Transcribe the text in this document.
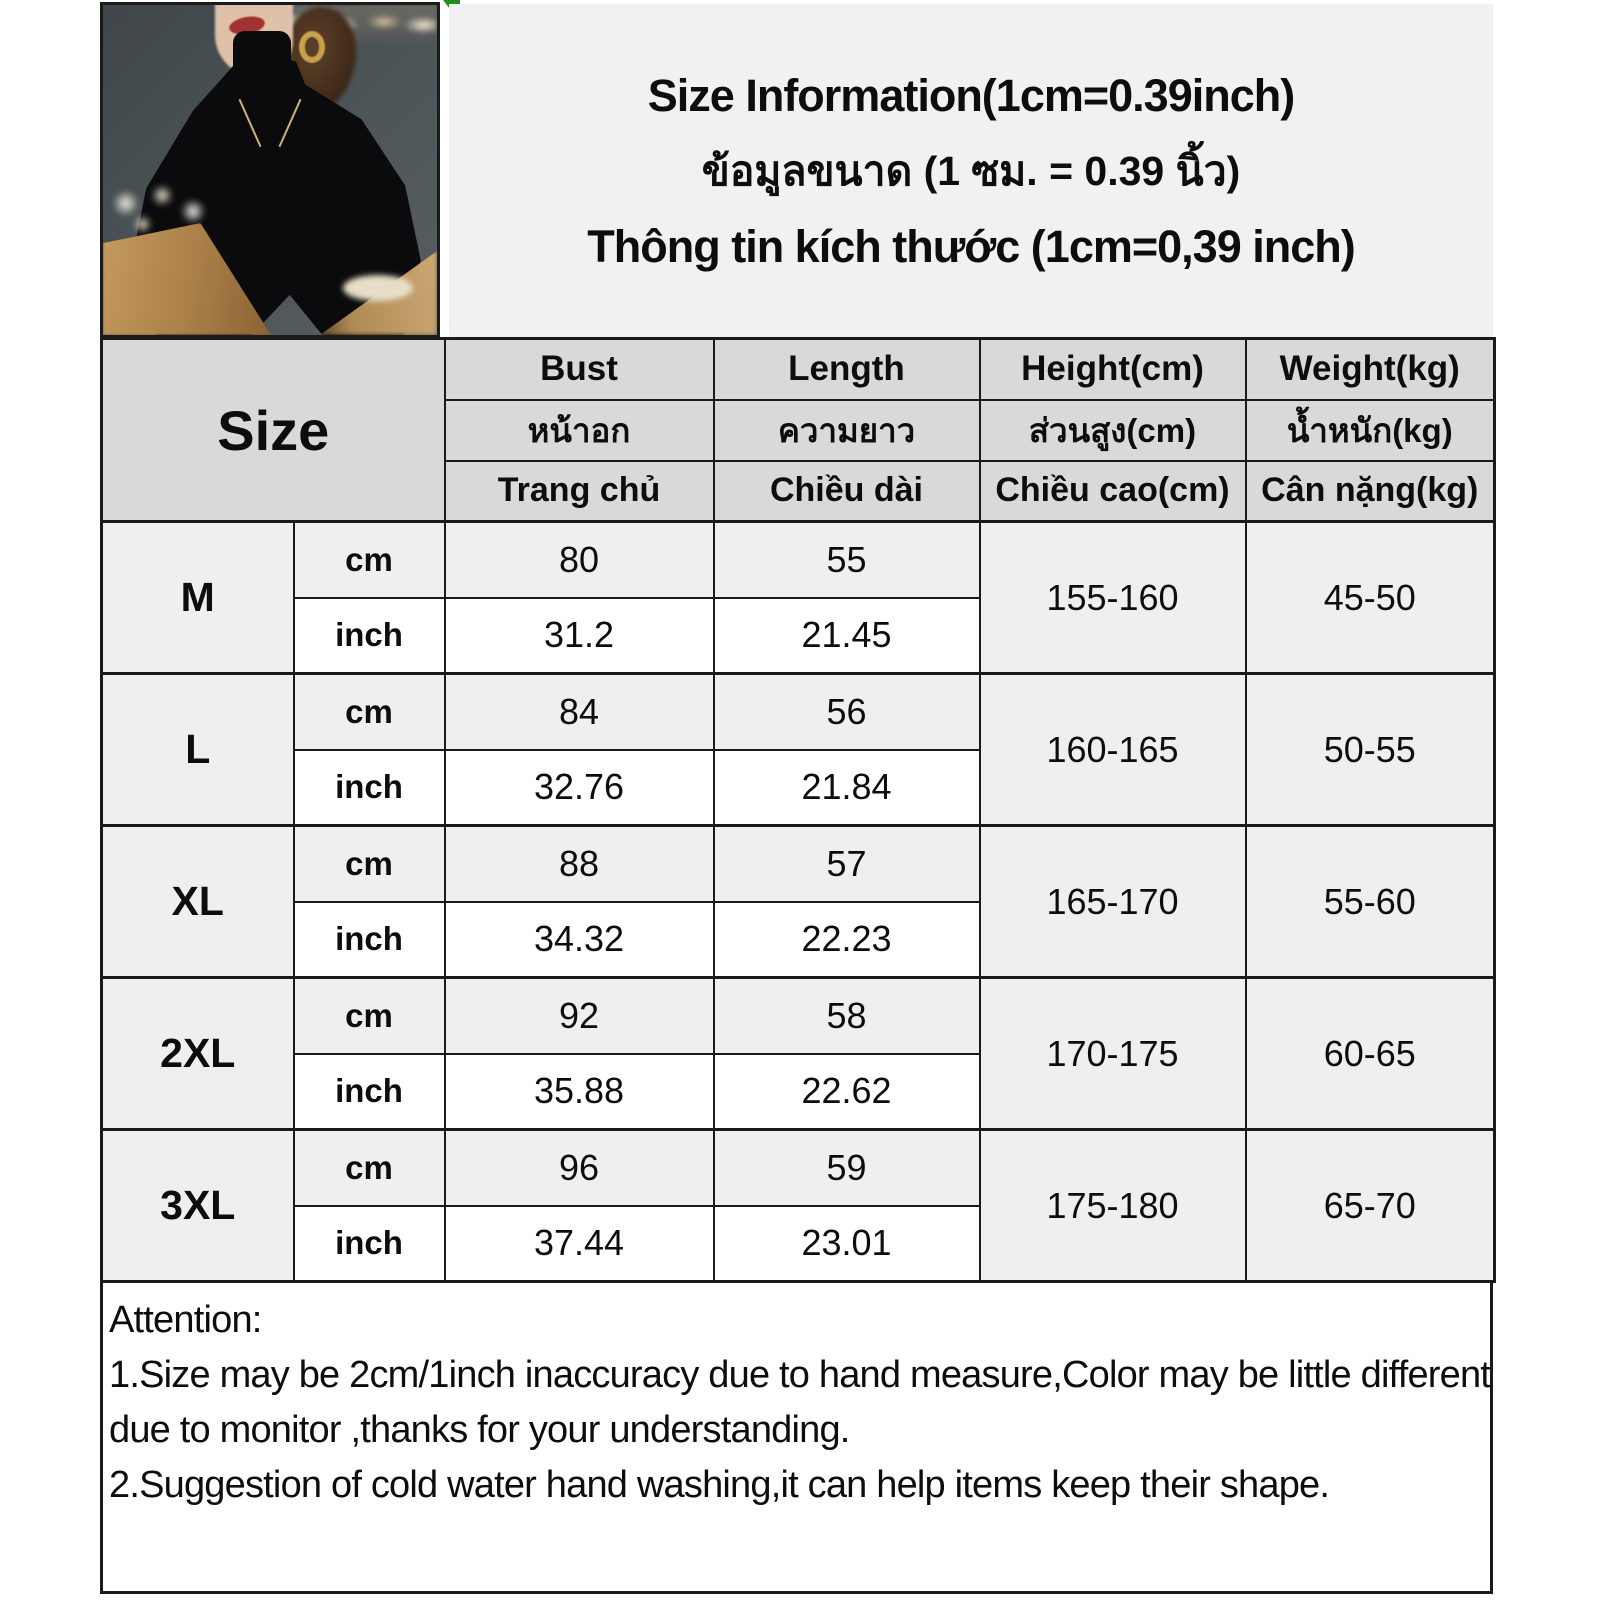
Size Information(1cm=0.39inch)
ข้อมูลขนาด (1 ซม. = 0.39 นิ้ว)
Thông tin kích thước (1cm=0,39 inch)
Size		Bust	Length	Height(cm)	Weight(kg)
		หน้าอก	ความยาว	ส่วนสูง(cm)	น้ำหนัก(kg)
		Trang chủ	Chiều dài	Chiều cao(cm)	Cân nặng(kg)
M	cm	80	55	155-160	45-50
	inch	31.2	21.45		
L	cm	84	56	160-165	50-55
	inch	32.76	21.84		
XL	cm	88	57	165-170	55-60
	inch	34.32	22.23		
2XL	cm	92	58	170-175	60-65
	inch	35.88	22.62		
3XL	cm	96	59	175-180	65-70
	inch	37.44	23.01		
Attention:
1.Size may be 2cm/1inch inaccuracy due to hand measure,Color may be little different
due to monitor ,thanks for your understanding.
2.Suggestion of cold water hand washing,it can help items keep their shape.
